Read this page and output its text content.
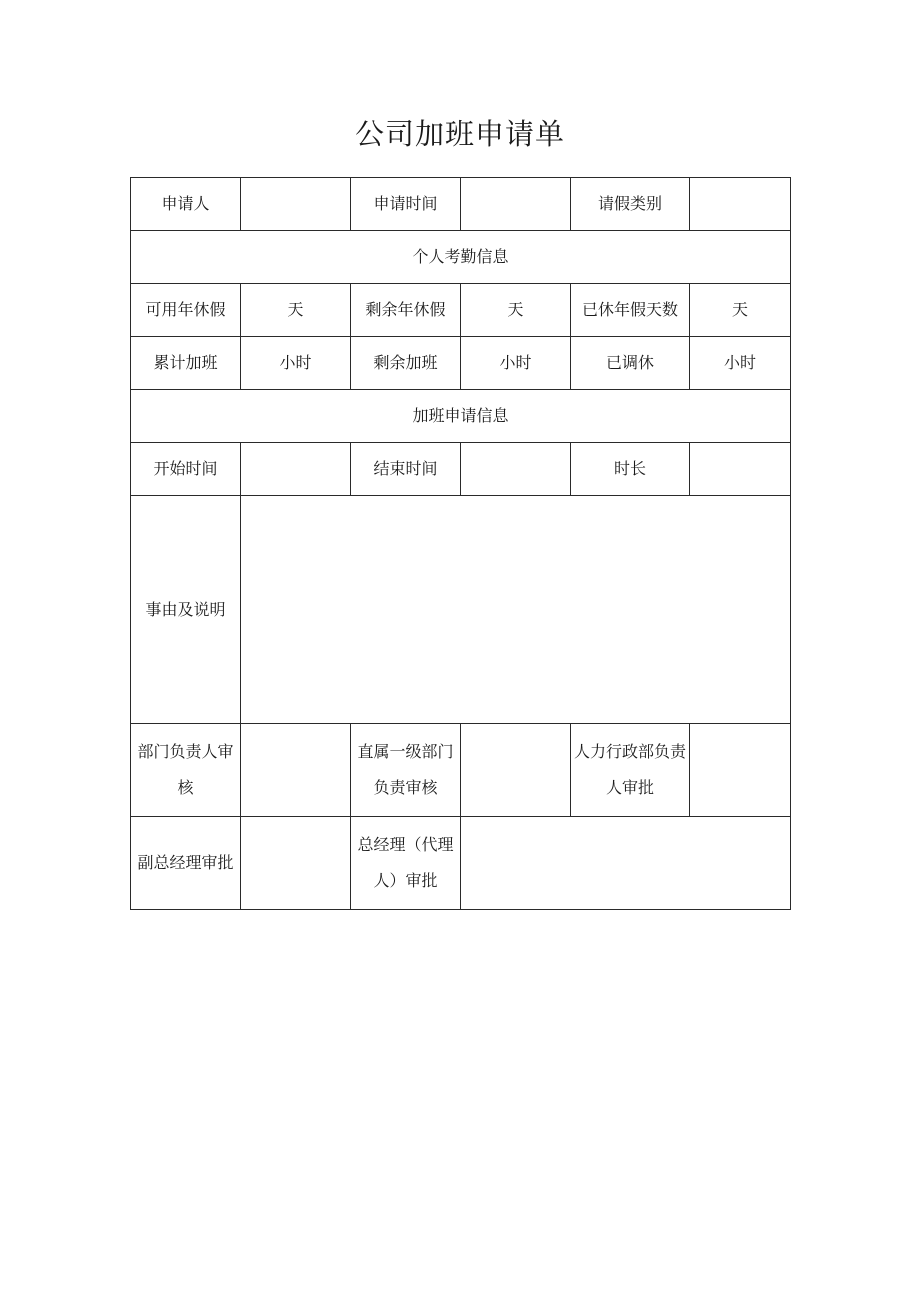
公司加班申请单
申请人		申请时间		请假类别	
个人考勤信息					
可用年休假	天	剩余年休假	天	已休年假天数	天
累计加班	小时	剩余加班	小时	已调休	小时
加班申请信息					
开始时间		结束时间		时长	
事由及说明					
部门负责人审核		直属一级部门负责审核		人力行政部负责人审批	
副总经理审批		总经理（代理人）审批			
